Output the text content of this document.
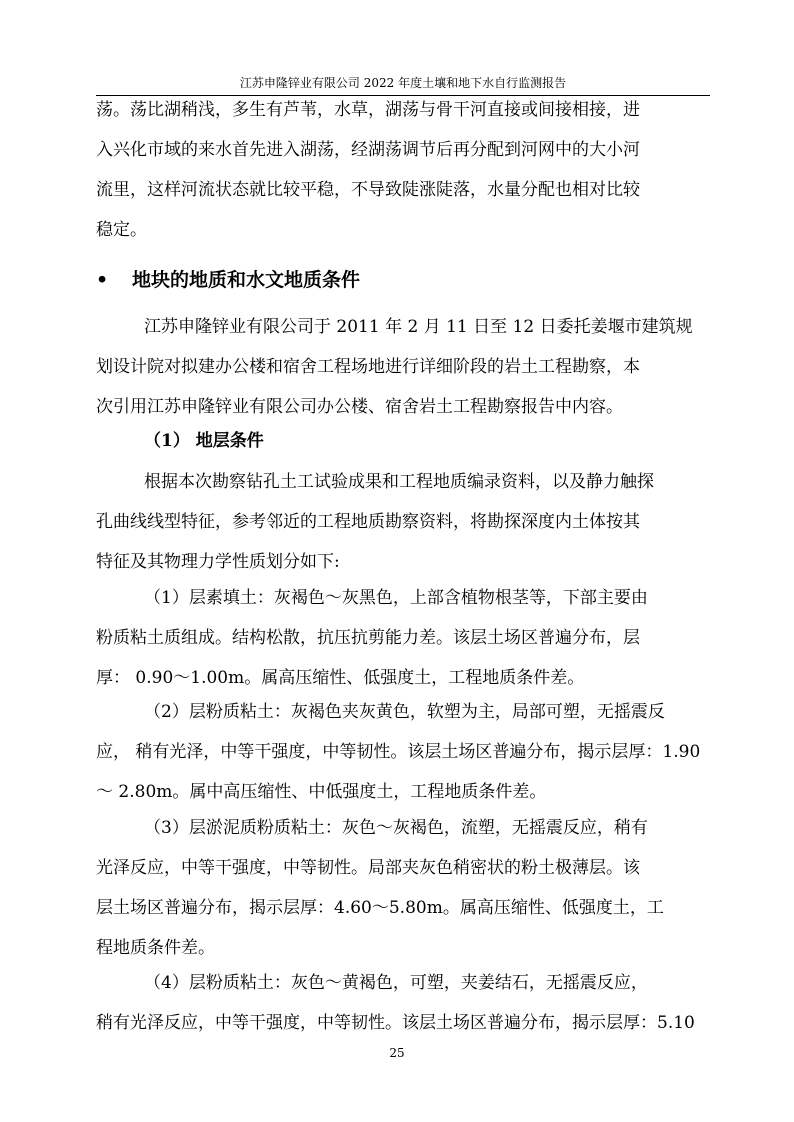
江苏申隆锌业有限公司 2022 年度土壤和地下水自行监测报告
荡。荡比湖稍浅，多生有芦苇，水草，湖荡与骨干河直接或间接相接，进
入兴化市域的来水首先进入湖荡，经湖荡调节后再分配到河网中的大小河
流里，这样河流状态就比较平稳，不导致陡涨陡落，水量分配也相对比较
稳定。
• 地块的地质和水文地质条件
江苏申隆锌业有限公司于 2011 年 2 月 11 日至 12 日委托姜堰市建筑规
划设计院对拟建办公楼和宿舍工程场地进行详细阶段的岩土工程勘察，本
次引用江苏申隆锌业有限公司办公楼、宿舍岩土工程勘察报告中内容。
（1） 地层条件
根据本次勘察钻孔土工试验成果和工程地质编录资料，以及静力触探
孔曲线线型特征，参考邻近的工程地质勘察资料，将勘探深度内土体按其
特征及其物理力学性质划分如下:
（1）层素填土：灰褐色～灰黑色，上部含植物根茎等，下部主要由
粉质粘土质组成。结构松散，抗压抗剪能力差。该层土场区普遍分布，层
厚： 0.90～1.00m。属高压缩性、低强度土，工程地质条件差。
（2）层粉质粘土：灰褐色夹灰黄色，软塑为主，局部可塑，无摇震反
应， 稍有光泽，中等干强度，中等韧性。该层土场区普遍分布，揭示层厚：1.90
～ 2.80m。属中高压缩性、中低强度土，工程地质条件差。
（3）层淤泥质粉质粘土：灰色～灰褐色，流塑，无摇震反应，稍有
光泽反应，中等干强度，中等韧性。局部夹灰色稍密状的粉土极薄层。该
层土场区普遍分布，揭示层厚：4.60～5.80m。属高压缩性、低强度土，工
程地质条件差。
（4）层粉质粘土：灰色～黄褐色，可塑，夹姜结石，无摇震反应，
稍有光泽反应，中等干强度，中等韧性。该层土场区普遍分布，揭示层厚：5.10
25
